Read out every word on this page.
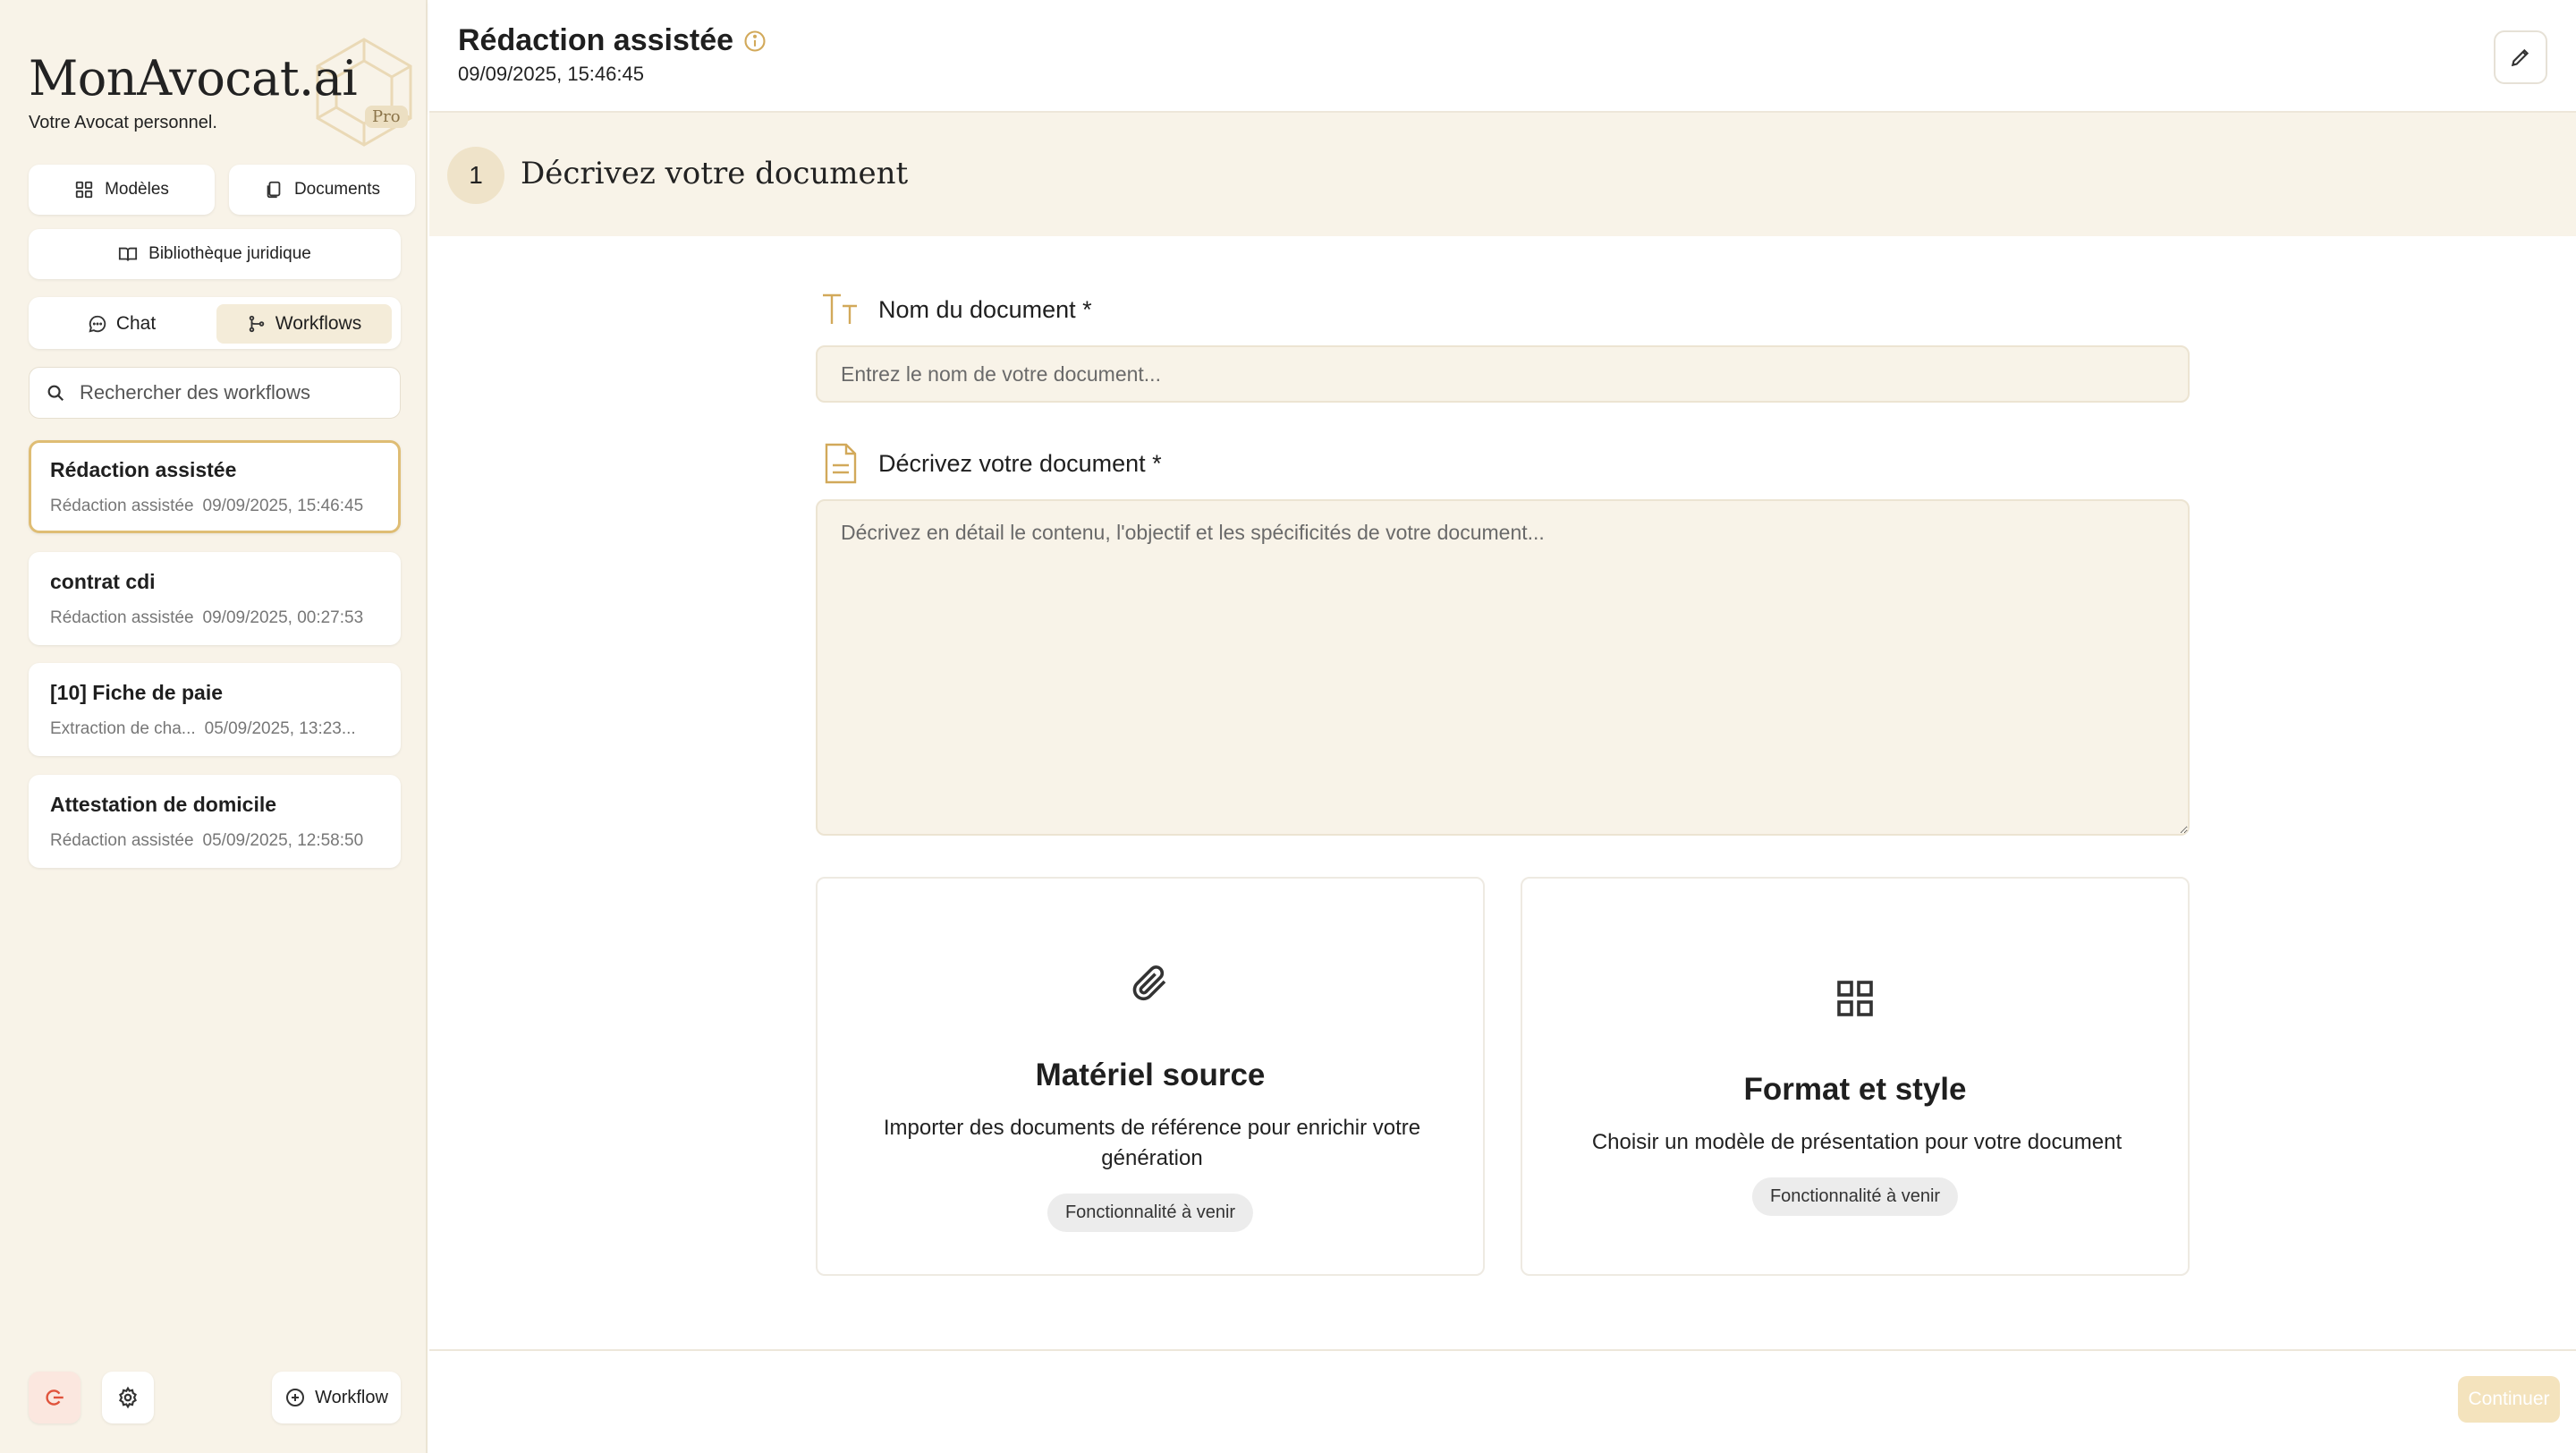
MonAvocat.ai
Pro
Votre Avocat personnel.
Modèles	Documents
Bibliothèque juridique
Chat	Workflows
Rechercher des workflows
Rédaction assistée
Rédaction assistée 09/09/2025, 15:46:45
contrat cdi
Rédaction assistée 09/09/2025, 00:27:53
[10] Fiche de paie
Extraction de cha... 05/09/2025, 13:23...
Attestation de domicile
Rédaction assistée 05/09/2025, 12:58:50
Workflow
Rédaction assistée
09/09/2025, 15:46:45
1	Décrivez votre document
Nom du document *
Entrez le nom de votre document...
Décrivez votre document *
Décrivez en détail le contenu, l'objectif et les spécificités de votre document...
Matériel source
Importer des documents de référence pour enrichir votre génération
Fonctionnalité à venir
Format et style
Choisir un modèle de présentation pour votre document
Fonctionnalité à venir
Continuer
